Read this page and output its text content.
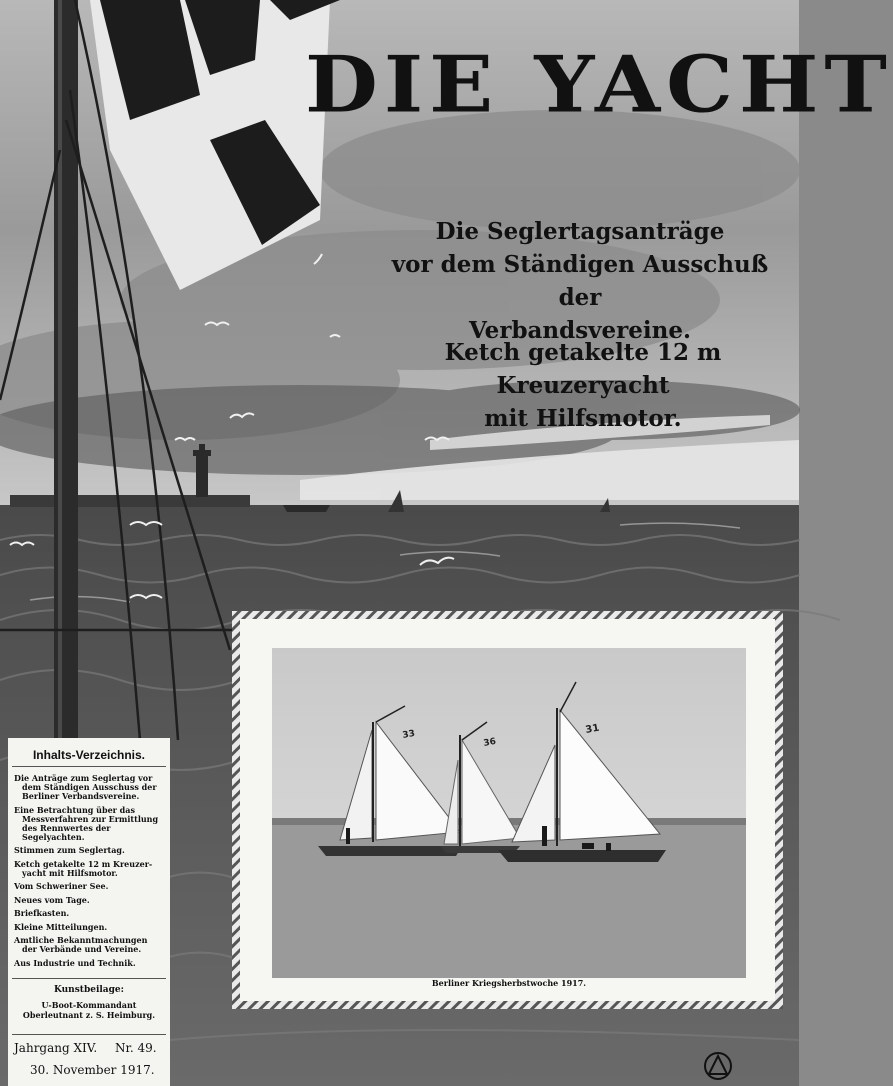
33
36
31
DIE YACHT
Die Seglertagsanträge
vor dem Ständigen Ausschuß der
Verbandsvereine.
Ketch getakelte 12 m Kreuzeryacht
mit Hilfsmotor.
Inhalts-Verzeichnis.
Die Anträge zum Seglertag vor
dem Ständigen Ausschuss der Berliner Verbandsvereine.
Eine Betrachtung über das
Messverfahren zur Ermittlung des Rennwertes der Segelyachten.
Stimmen zum Seglertag.
Ketch getakelte 12 m Kreuzer-
yacht mit Hilfsmotor.
Vom Schweriner See.
Neues vom Tage.
Briefkasten.
Kleine Mitteilungen.
Amtliche Bekanntmachungen
der Verbände und Vereine.
Aus Industrie und Technik.
Kunstbeilage:
U-Boot-Kommandant Oberleutnant z. S. Heimburg.
Jahrgang XIV. Nr. 49.
30. November 1917.
Berliner Kriegsherbstwoche 1917.
